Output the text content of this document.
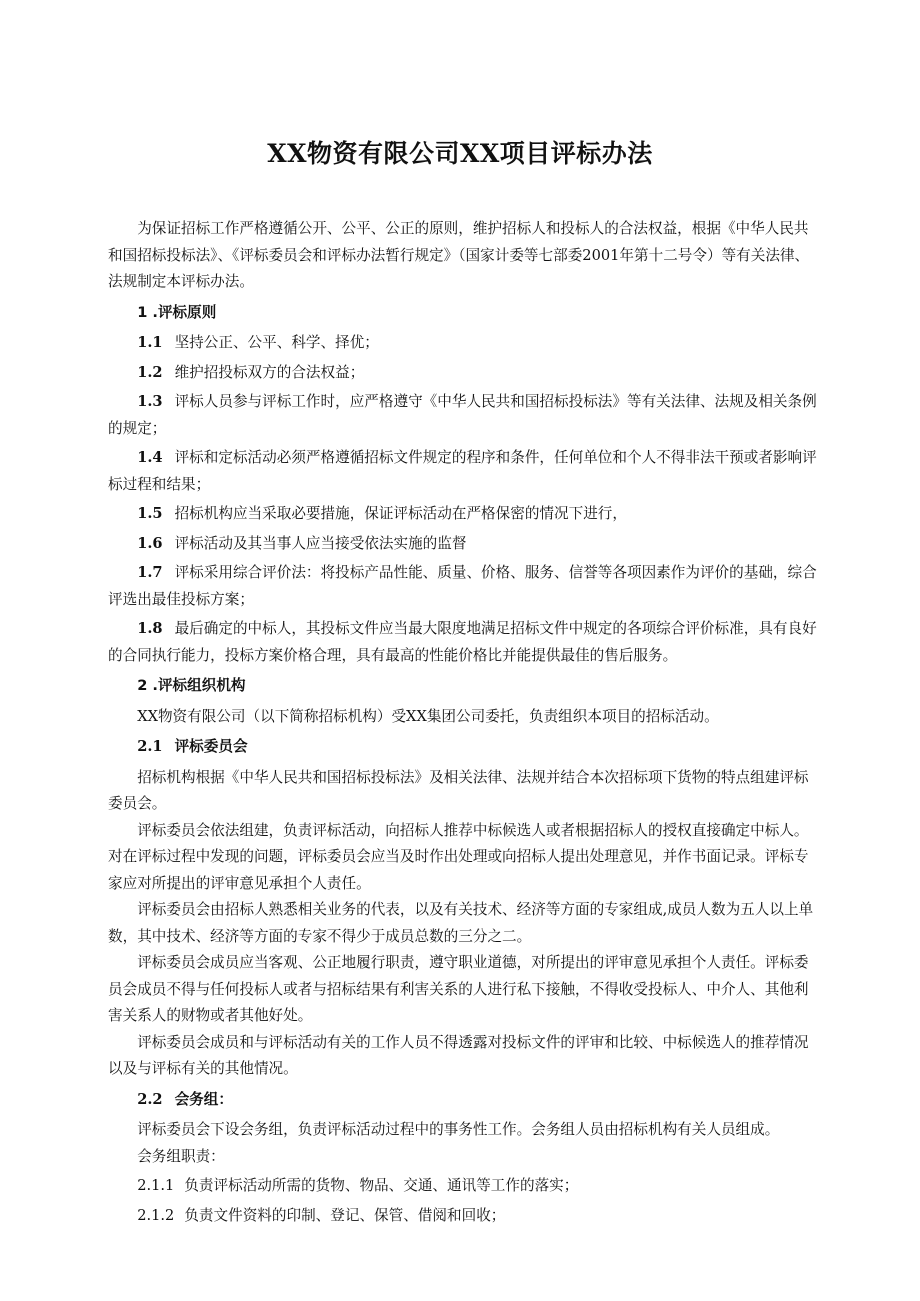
XX物资有限公司XX项目评标办法

为保证招标工作严格遵循公开、公平、公正的原则，维护招标人和投标人的合法权益，根据《中华人民共和国招标投标法》、《评标委员会和评标办法暂行规定》（国家计委等七部委2001年第十二号令）等有关法律、法规制定本评标办法。

1 .评标原则

1.1 坚持公正、公平、科学、择优；

1.2 维护招投标双方的合法权益；

1.3 评标人员参与评标工作时，应严格遵守《中华人民共和国招标投标法》等有关法律、法规及相关条例的规定；

1.4 评标和定标活动必须严格遵循招标文件规定的程序和条件，任何单位和个人不得非法干预或者影响评标过程和结果；

1.5 招标机构应当采取必要措施，保证评标活动在严格保密的情况下进行，

1.6 评标活动及其当事人应当接受依法实施的监督

1.7 评标采用综合评价法：将投标产品性能、质量、价格、服务、信誉等各项因素作为评价的基础，综合评选出最佳投标方案；

1.8 最后确定的中标人，其投标文件应当最大限度地满足招标文件中规定的各项综合评价标准，具有良好的合同执行能力，投标方案价格合理，具有最高的性能价格比并能提供最佳的售后服务。

2 .评标组织机构

XX物资有限公司（以下简称招标机构）受XX集团公司委托，负责组织本项目的招标活动。

2.1 评标委员会

招标机构根据《中华人民共和国招标投标法》及相关法律、法规并结合本次招标项下货物的特点组建评标委员会。

评标委员会依法组建，负责评标活动，向招标人推荐中标候选人或者根据招标人的授权直接确定中标人。对在评标过程中发现的问题，评标委员会应当及时作出处理或向招标人提出处理意见，并作书面记录。评标专家应对所提出的评审意见承担个人责任。

评标委员会由招标人熟悉相关业务的代表，以及有关技术、经济等方面的专家组成,成员人数为五人以上单数，其中技术、经济等方面的专家不得少于成员总数的三分之二。

评标委员会成员应当客观、公正地履行职责，遵守职业道德，对所提出的评审意见承担个人责任。评标委员会成员不得与任何投标人或者与招标结果有利害关系的人进行私下接触，不得收受投标人、中介人、其他利害关系人的财物或者其他好处。

评标委员会成员和与评标活动有关的工作人员不得透露对投标文件的评审和比较、中标候选人的推荐情况以及与评标有关的其他情况。

2.2 会务组：

评标委员会下设会务组，负责评标活动过程中的事务性工作。会务组人员由招标机构有关人员组成。

会务组职责：

2.1.1 负责评标活动所需的货物、物品、交通、通讯等工作的落实；

2.1.2 负责文件资料的印制、登记、保管、借阅和回收；
